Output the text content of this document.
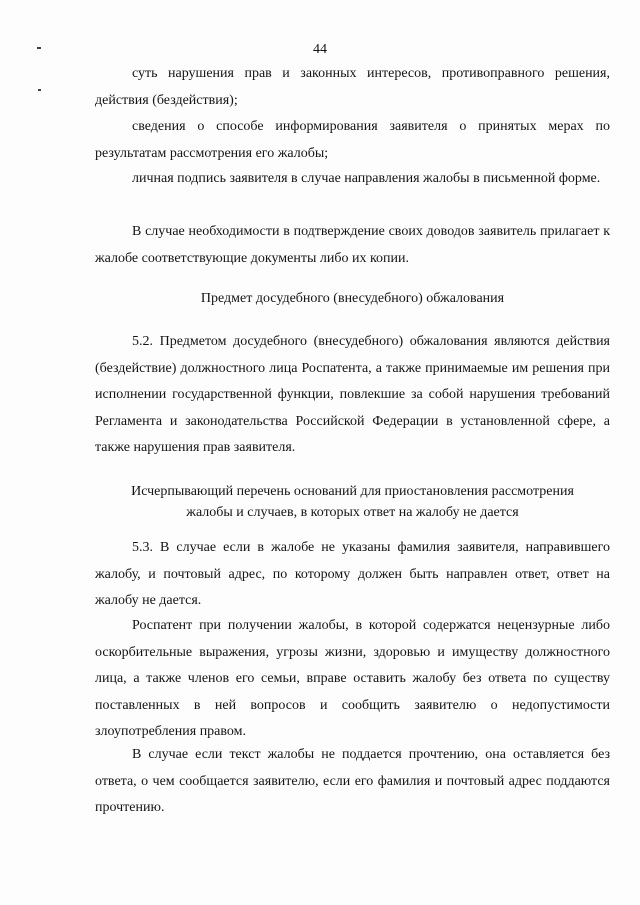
44

суть нарушения прав и законных интересов, противоправного решения, действия (бездействия);

сведения о способе информирования заявителя о принятых мерах по результатам рассмотрения его жалобы;

личная подпись заявителя в случае направления жалобы в письменной форме.

В случае необходимости в подтверждение своих доводов заявитель прилагает к жалобе соответствующие документы либо их копии.

Предмет досудебного (внесудебного) обжалования

5.2. Предметом досудебного (внесудебного) обжалования являются действия (бездействие) должностного лица Роспатента, а также принимаемые им решения при исполнении государственной функции, повлекшие за собой нарушения требований Регламента и законодательства Российской Федерации в установленной сфере, а также нарушения прав заявителя.

Исчерпывающий перечень оснований для приостановления рассмотрения
жалобы и случаев, в которых ответ на жалобу не дается

5.3. В случае если в жалобе не указаны фамилия заявителя, направившего жалобу, и почтовый адрес, по которому должен быть направлен ответ, ответ на жалобу не дается.

Роспатент при получении жалобы, в которой содержатся нецензурные либо оскорбительные выражения, угрозы жизни, здоровью и имуществу должностного лица, а также членов его семьи, вправе оставить жалобу без ответа по существу поставленных в ней вопросов и сообщить заявителю о недопустимости злоупотребления правом.

В случае если текст жалобы не поддается прочтению, она оставляется без ответа, о чем сообщается заявителю, если его фамилия и почтовый адрес поддаются прочтению.
